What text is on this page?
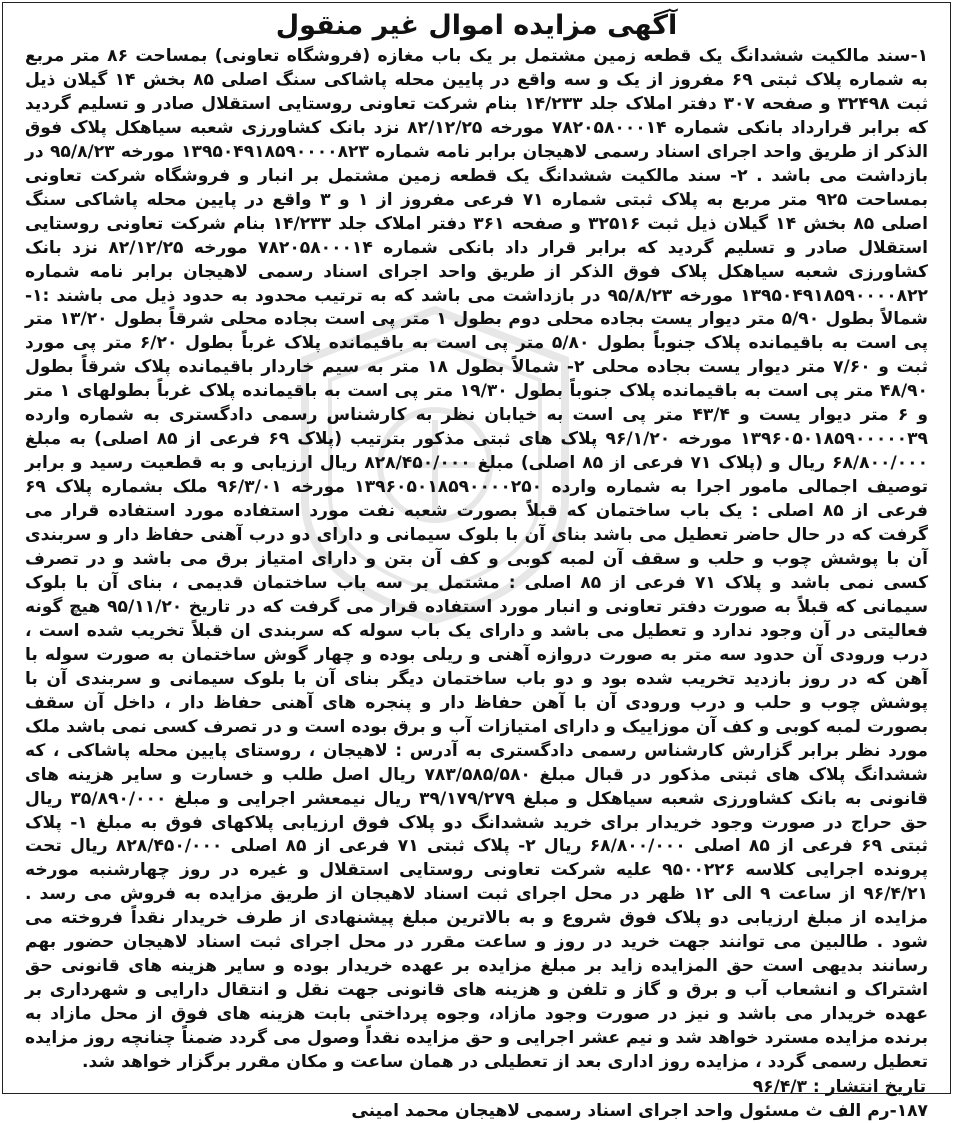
آگهی مزایده اموال غیر منقول

۱-سند مالکیت ششدانگ یک قطعه زمین مشتمل بر یک باب مغازه (فروشگاه تعاونی) بمساحت ۸۶ متر مربع به شماره پلاک ثبتی ۶۹ مفروز از یک و سه واقع در پایین محله پاشاکی سنگ اصلی ۸۵ بخش ۱۴ گیلان ذیل ثبت ۳۲۴۹۸ و صفحه ۳۰۷ دفتر املاک جلد ۱۴/۲۳۳ بنام شرکت تعاونی روستایی استقلال صادر و تسلیم گردید که برابر قرارداد بانکی شماره ۷۸۲۰۵۸۰۰۰۱۴ مورخه ۸۲/۱۲/۲۵ نزد بانک کشاورزی شعبه سیاهکل پلاک فوق الذکر از طریق واحد اجرای اسناد رسمی لاهیجان برابر نامه شماره ۱۳۹۵۰۴۹۱۸۵۹۰۰۰۰۸۲۳ مورخه ۹۵/۸/۲۳ در بازداشت می باشد . ۲- سند مالکیت ششدانگ یک قطعه زمین مشتمل بر انبار و فروشگاه شرکت تعاونی بمساحت ۹۲۵ متر مربع به پلاک ثبتی شماره ۷۱ فرعی مفروز از ۱ و ۳ واقع در پایین محله پاشاکی سنگ اصلی ۸۵ بخش ۱۴ گیلان ذیل ثبت ۳۲۵۱۶ و صفحه ۳۶۱ دفتر املاک جلد ۱۴/۲۳۳ بنام شرکت تعاونی روستایی استقلال صادر و تسلیم گردید که برابر قرار داد بانکی شماره ۷۸۲۰۵۸۰۰۰۱۴ مورخه ۸۲/۱۲/۲۵ نزد بانک کشاورزی شعبه سیاهکل پلاک فوق الذکر از طریق واحد اجرای اسناد رسمی لاهیجان برابر نامه شماره ۱۳۹۵۰۴۹۱۸۵۹۰۰۰۰۸۲۲ مورخه ۹۵/۸/۲۳ در بازداشت می باشد که به ترتیب محدود به حدود ذیل می باشند :۱- شمالاً بطول ۵/۹۰ متر دیوار یست بجاده محلی دوم بطول ۱ متر پی است بجاده محلی شرقاً بطول ۱۳/۲۰ متر پی است به باقیمانده پلاک جنوباً بطول ۵/۸۰ متر پی است به باقیمانده پلاک غرباً بطول ۶/۲۰ متر پی مورد ثبت و ۷/۶۰ متر دیوار یست بجاده محلی ۲- شمالاً بطول ۱۸ متر به سیم خاردار باقیمانده پلاک شرقاً بطول ۴۸/۹۰ متر پی است به باقیمانده پلاک جنوباً بطول ۱۹/۳۰ متر پی است به باقیمانده پلاک غرباً بطولهای ۱ متر و ۶ متر دیوار یست و ۴۳/۴ متر پی است به خیابان نظر به کارشناس رسمی دادگستری به شماره وارده ۱۳۹۶۰۵۰۱۸۵۹۰۰۰۰۰۳۹ مورخه ۹۶/۱/۲۰ پلاک های ثبتی مذکور بترتیب (پلاک ۶۹ فرعی از ۸۵ اصلی) به مبلغ ۶۸/۸۰۰/۰۰۰ ریال و (پلاک ۷۱ فرعی از ۸۵ اصلی) مبلغ ۸۲۸/۴۵۰/۰۰۰ ریال ارزیابی و به قطعیت رسید و برابر توصیف اجمالی مامور اجرا به شماره وارده ۱۳۹۶۰۵۰۱۸۵۹۰۰۰۰۲۵۰ مورخه ۹۶/۳/۰۱ ملک بشماره پلاک ۶۹ فرعی از ۸۵ اصلی : یک باب ساختمان که قبلاً بصورت شعبه نفت مورد استفاده مورد استفاده قرار می گرفت که در حال حاضر تعطیل می باشد بنای آن با بلوک سیمانی و دارای دو درب آهنی حفاظ دار و سربندی آن با پوشش چوب و حلب و سقف آن لمبه کوبی و کف آن بتن و دارای امتیاز برق می باشد و در تصرف کسی نمی باشد و پلاک ۷۱ فرعی از ۸۵ اصلی : مشتمل بر سه باب ساختمان قدیمی ، بنای آن با بلوک سیمانی که قبلاً به صورت دفتر تعاونی و انبار مورد استفاده قرار می گرفت که در تاریخ ۹۵/۱۱/۲۰ هیچ گونه فعالیتی در آن وجود ندارد و تعطیل می باشد و دارای یک باب سوله که سربندی ان قبلاً تخریب شده است ، درب ورودی آن حدود سه متر به صورت دروازه آهنی و ریلی بوده و چهار گوش ساختمان به صورت سوله با آهن که در روز بازدید تخریب شده بود و دو باب ساختمان دیگر بنای آن با بلوک سیمانی و سربندی آن با پوشش چوب و حلب و درب ورودی آن با آهن حفاظ دار و پنجره های آهنی حفاظ دار ، داخل آن سقف بصورت لمبه کوبی و کف آن موزاییک و دارای امتیازات آب و برق بوده است و در تصرف کسی نمی باشد ملک مورد نظر برابر گزارش کارشناس رسمی دادگستری به آدرس : لاهیجان ، روستای پایین محله پاشاکی ، که ششدانگ پلاک های ثبتی مذکور در قبال مبلغ ۷۸۳/۵۸۵/۵۸۰ ریال اصل طلب و خسارت و سایر هزینه های قانونی به بانک کشاورزی شعبه سیاهکل و مبلغ ۳۹/۱۷۹/۲۷۹ ریال نیمعشر اجرایی و مبلغ ۳۵/۸۹۰/۰۰۰ ریال حق حراج در صورت وجود خریدار برای خرید ششدانگ دو پلاک فوق ارزیابی پلاکهای فوق به مبلغ ۱- پلاک ثبتی ۶۹ فرعی از ۸۵ اصلی ۶۸/۸۰۰/۰۰۰ ریال ۲- پلاک ثبتی ۷۱ فرعی از ۸۵ اصلی ۸۲۸/۴۵۰/۰۰۰ ریال تحت پرونده اجرایی کلاسه ۹۵۰۰۲۲۶ علیه شرکت تعاونی روستایی استقلال و غیره در روز چهارشنبه مورخه ۹۶/۴/۲۱ از ساعت ۹ الی ۱۲ ظهر در محل اجرای ثبت اسناد لاهیجان از طریق مزایده به فروش می رسد . مزایده از مبلغ ارزیابی دو پلاک فوق شروع و به بالاترین مبلغ پیشنهادی از طرف خریدار نقداً فروخته می شود . طالبین می توانند جهت خرید در روز و ساعت مقرر در محل اجرای ثبت اسناد لاهیجان حضور بهم رسانند بدیهی است حق المزایده زاید بر مبلغ مزایده بر عهده خریدار بوده و سایر هزینه های قانونی حق اشتراک و انشعاب آب و برق و گاز و تلفن و هزینه های قانونی جهت نقل و انتقال دارایی و شهرداری بر عهده خریدار می باشد و نیز در صورت وجود مازاد، وجوه پرداختی بابت هزینه های فوق از محل مازاد به برنده مزایده مسترد خواهد شد و نیم عشر اجرایی و حق مزایده نقداً وصول می گردد ضمناً چنانچه روز مزایده تعطیل رسمی گردد ، مزایده روز اداری بعد از تعطیلی در همان ساعت و مکان مقرر برگزار خواهد شد.

تاریخ انتشار : ۹۶/۴/۳
۱۸۷-رم الف ث مسئول واحد اجرای اسناد رسمی لاهیجان محمد امینی
